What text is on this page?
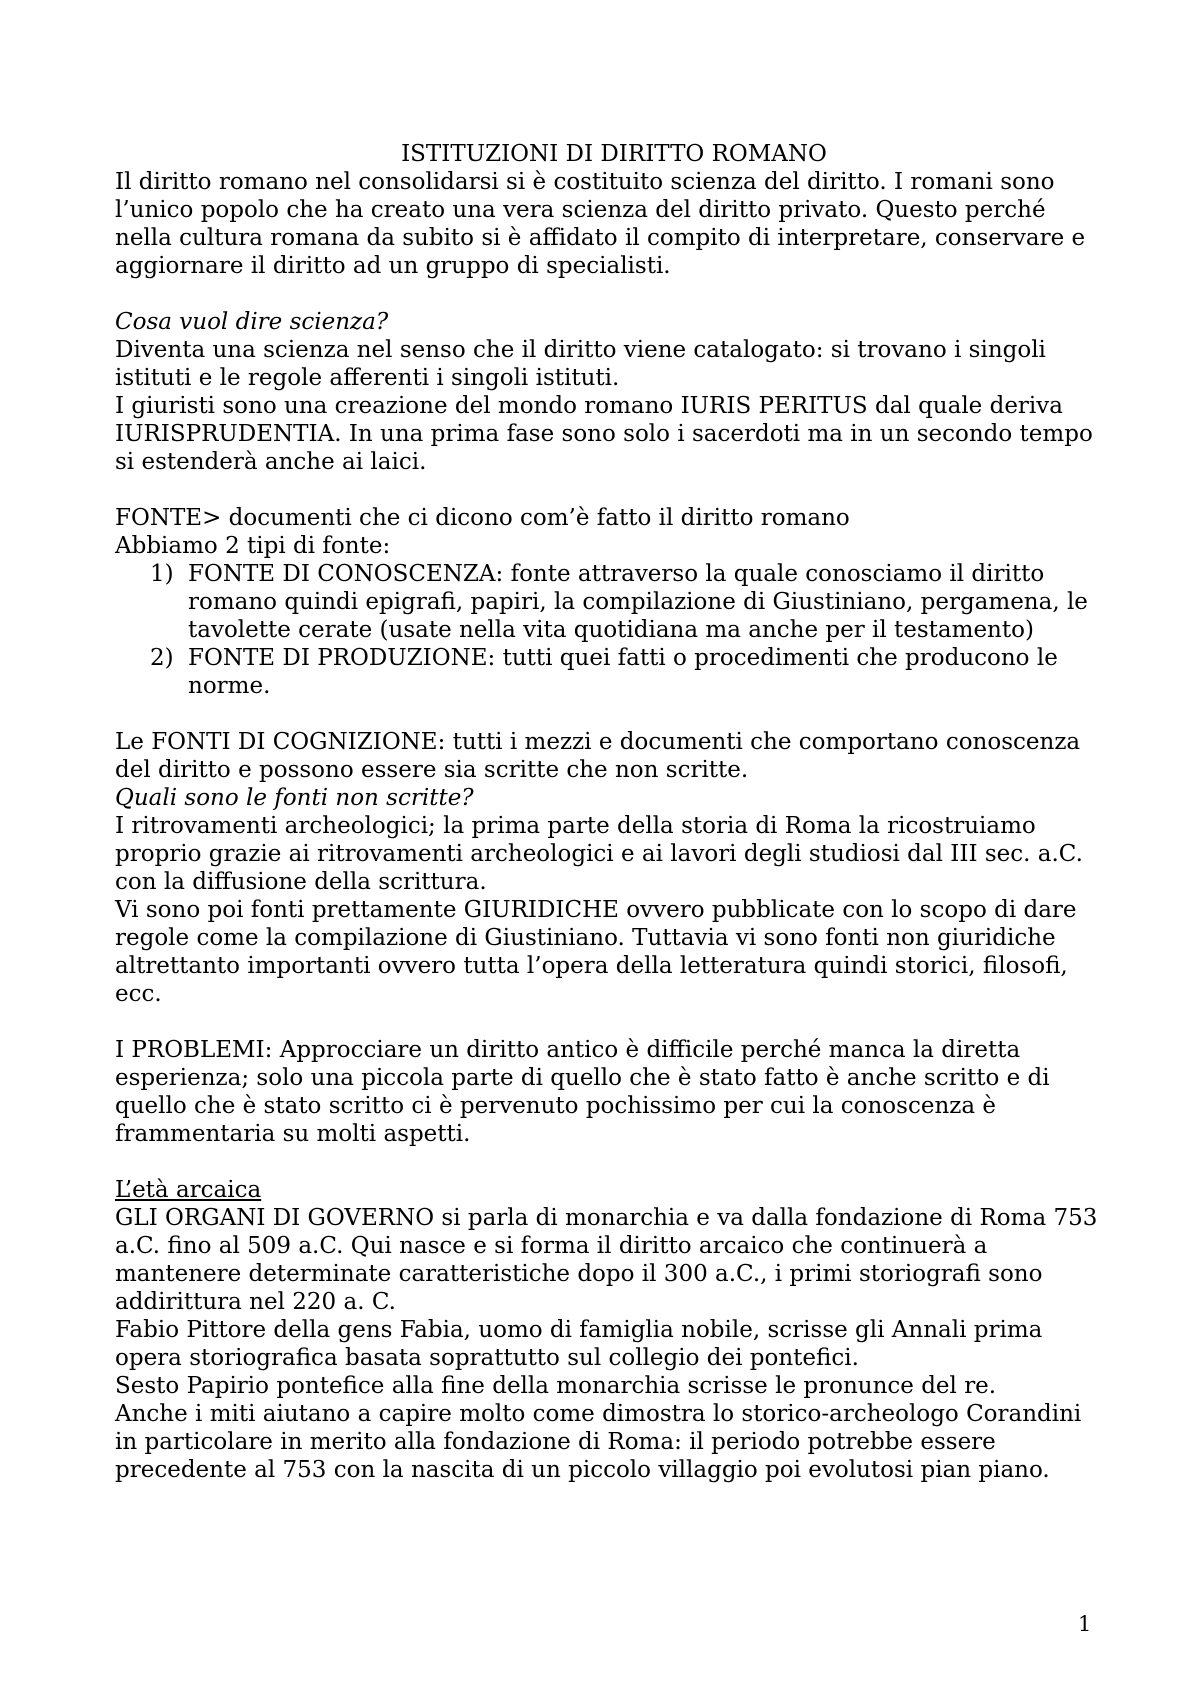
ISTITUZIONI DI DIRITTO ROMANO

Il diritto romano nel consolidarsi si è costituito scienza del diritto. I romani sono l’unico popolo che ha creato una vera scienza del diritto privato. Questo perché nella cultura romana da subito si è affidato il compito di interpretare, conservare e aggiornare il diritto ad un gruppo di specialisti.

Cosa vuol dire scienza?

Diventa una scienza nel senso che il diritto viene catalogato: si trovano i singoli istituti e le regole afferenti i singoli istituti.

I giuristi sono una creazione del mondo romano IURIS PERITUS dal quale deriva IURISPRUDENTIA. In una prima fase sono solo i sacerdoti ma in un secondo tempo si estenderà anche ai laici.

FONTE> documenti che ci dicono com’è fatto il diritto romano

Abbiamo 2 tipi di fonte:

1) FONTE DI CONOSCENZA: fonte attraverso la quale conosciamo il diritto romano quindi epigrafi, papiri, la compilazione di Giustiniano, pergamena, le tavolette cerate (usate nella vita quotidiana ma anche per il testamento)
2) FONTE DI PRODUZIONE: tutti quei fatti o procedimenti che producono le norme.

Le FONTI DI COGNIZIONE: tutti i mezzi e documenti che comportano conoscenza del diritto e possono essere sia scritte che non scritte.

Quali sono le fonti non scritte?

I ritrovamenti archeologici; la prima parte della storia di Roma la ricostruiamo proprio grazie ai ritrovamenti archeologici e ai lavori degli studiosi dal III sec. a.C. con la diffusione della scrittura.

Vi sono poi fonti prettamente GIURIDICHE ovvero pubblicate con lo scopo di dare regole come la compilazione di Giustiniano. Tuttavia vi sono fonti non giuridiche altrettanto importanti ovvero tutta l’opera della letteratura quindi storici, filosofi, ecc.

I PROBLEMI: Approcciare un diritto antico è difficile perché manca la diretta esperienza; solo una piccola parte di quello che è stato fatto è anche scritto e di quello che è stato scritto ci è pervenuto pochissimo per cui la conoscenza è frammentaria su molti aspetti.

L’età arcaica

GLI ORGANI DI GOVERNO si parla di monarchia e va dalla fondazione di Roma 753 a.C. fino al 509 a.C. Qui nasce e si forma il diritto arcaico che continuerà a mantenere determinate caratteristiche dopo il 300 a.C., i primi storiografi sono addirittura nel 220 a. C.

Fabio Pittore della gens Fabia, uomo di famiglia nobile, scrisse gli Annali prima opera storiografica basata soprattutto sul collegio dei pontefici.

Sesto Papirio pontefice alla fine della monarchia scrisse le pronunce del re.

Anche i miti aiutano a capire molto come dimostra lo storico-archeologo Corandini in particolare in merito alla fondazione di Roma: il periodo potrebbe essere precedente al 753 con la nascita di un piccolo villaggio poi evolutosi pian piano.

1
